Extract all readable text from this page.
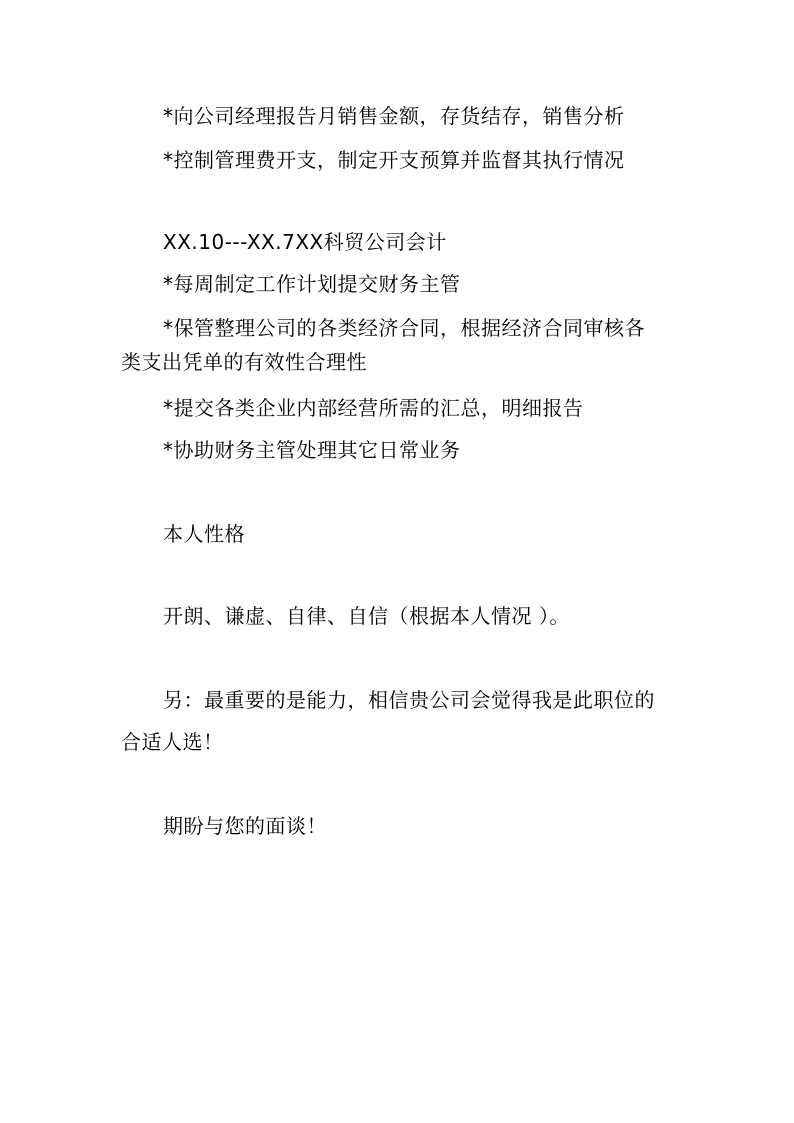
*向公司经理报告月销售金额，存货结存，销售分析
*控制管理费开支，制定开支预算并监督其执行情况
XX.10---XX.7XX科贸公司会计
*每周制定工作计划提交财务主管
*保管整理公司的各类经济合同，根据经济合同审核各
类支出凭单的有效性合理性
*提交各类企业内部经营所需的汇总，明细报告
*协助财务主管处理其它日常业务
本人性格
开朗、谦虚、自律、自信（根据本人情况 ）。
另：最重要的是能力，相信贵公司会觉得我是此职位的
合适人选！
期盼与您的面谈！
